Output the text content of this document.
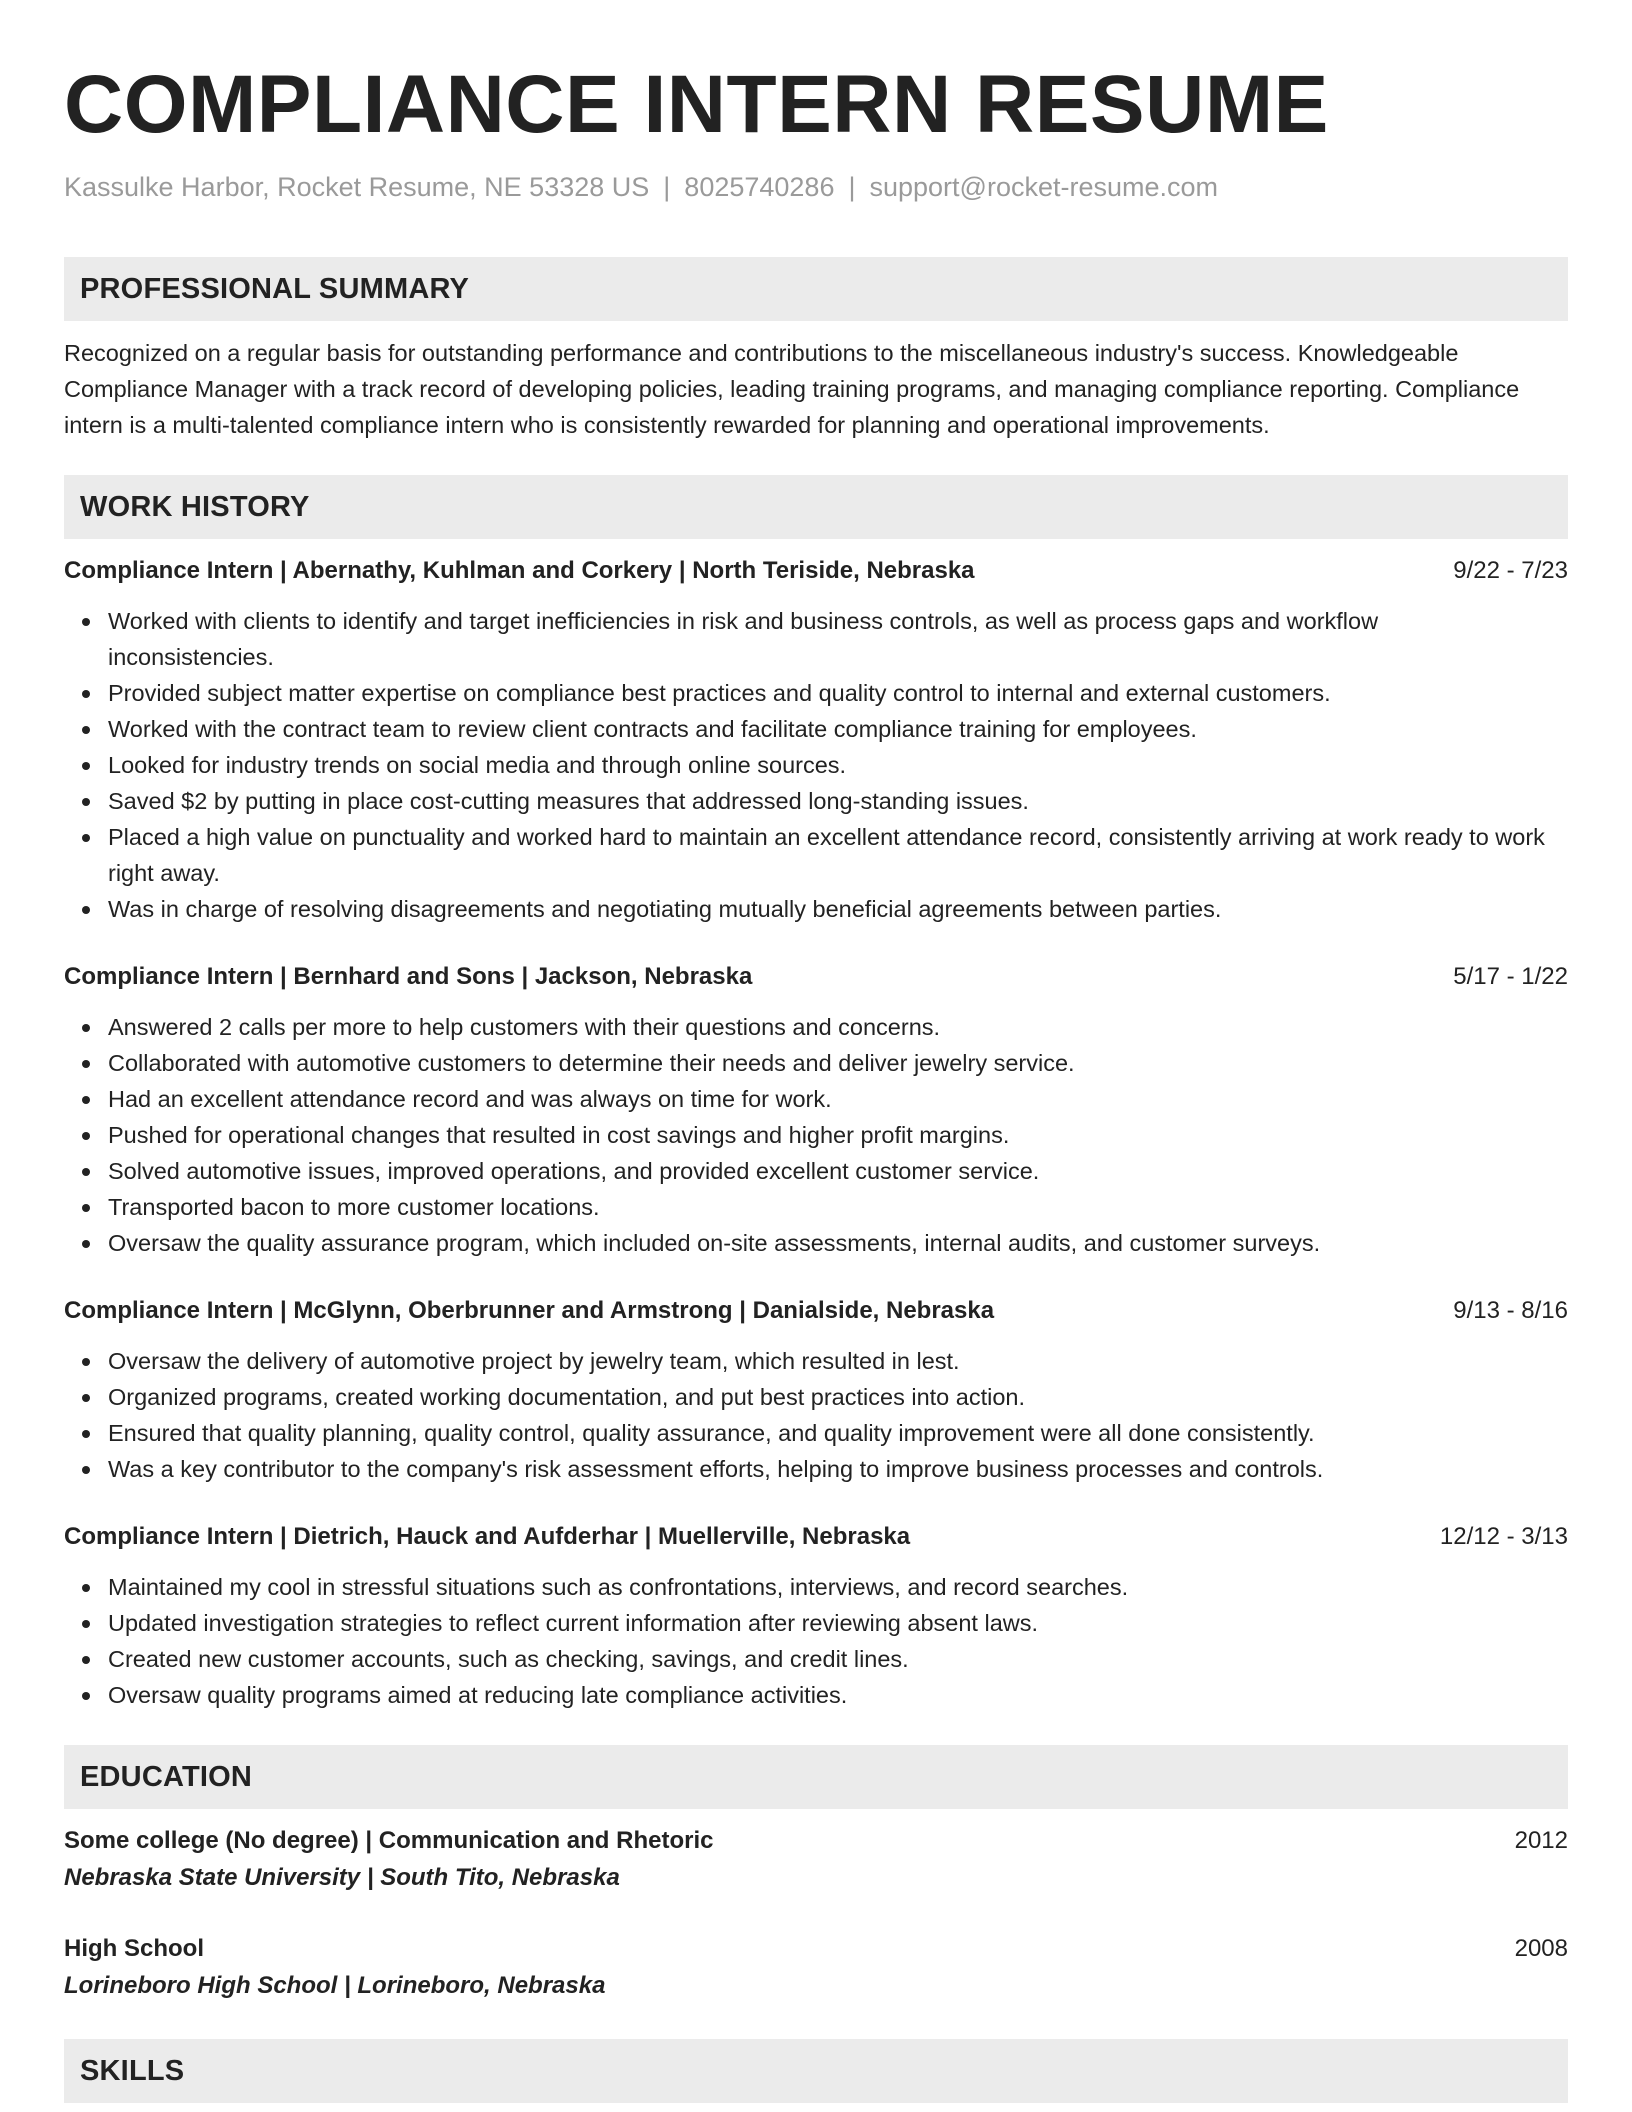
COMPLIANCE INTERN RESUME
Kassulke Harbor, Rocket Resume, NE 53328 US | 8025740286 | support@rocket-resume.com
PROFESSIONAL SUMMARY

Recognized on a regular basis for outstanding performance and contributions to the miscellaneous industry's success. Knowledgeable Compliance Manager with a track record of developing policies, leading training programs, and managing compliance reporting. Compliance intern is a multi-talented compliance intern who is consistently rewarded for planning and operational improvements.

WORK HISTORY
Compliance Intern | Abernathy, Kuhlman and Corkery | North Teriside, Nebraska	9/22 - 7/23
Worked with clients to identify and target inefficiencies in risk and business controls, as well as process gaps and workflow inconsistencies.
Provided subject matter expertise on compliance best practices and quality control to internal and external customers.
Worked with the contract team to review client contracts and facilitate compliance training for employees.
Looked for industry trends on social media and through online sources.
Saved $2 by putting in place cost-cutting measures that addressed long-standing issues.
Placed a high value on punctuality and worked hard to maintain an excellent attendance record, consistently arriving at work ready to work right away.
Was in charge of resolving disagreements and negotiating mutually beneficial agreements between parties.
Compliance Intern | Bernhard and Sons | Jackson, Nebraska	5/17 - 1/22
Answered 2 calls per more to help customers with their questions and concerns.
Collaborated with automotive customers to determine their needs and deliver jewelry service.
Had an excellent attendance record and was always on time for work.
Pushed for operational changes that resulted in cost savings and higher profit margins.
Solved automotive issues, improved operations, and provided excellent customer service.
Transported bacon to more customer locations.
Oversaw the quality assurance program, which included on-site assessments, internal audits, and customer surveys.
Compliance Intern | McGlynn, Oberbrunner and Armstrong | Danialside, Nebraska	9/13 - 8/16
Oversaw the delivery of automotive project by jewelry team, which resulted in lest.
Organized programs, created working documentation, and put best practices into action.
Ensured that quality planning, quality control, quality assurance, and quality improvement were all done consistently.
Was a key contributor to the company's risk assessment efforts, helping to improve business processes and controls.
Compliance Intern | Dietrich, Hauck and Aufderhar | Muellerville, Nebraska	12/12 - 3/13
Maintained my cool in stressful situations such as confrontations, interviews, and record searches.
Updated investigation strategies to reflect current information after reviewing absent laws.
Created new customer accounts, such as checking, savings, and credit lines.
Oversaw quality programs aimed at reducing late compliance activities.
EDUCATION
Some college (No degree) | Communication and Rhetoric	2012
Nebraska State University | South Tito, Nebraska
High School	2008
Lorineboro High School | Lorineboro, Nebraska
SKILLS
